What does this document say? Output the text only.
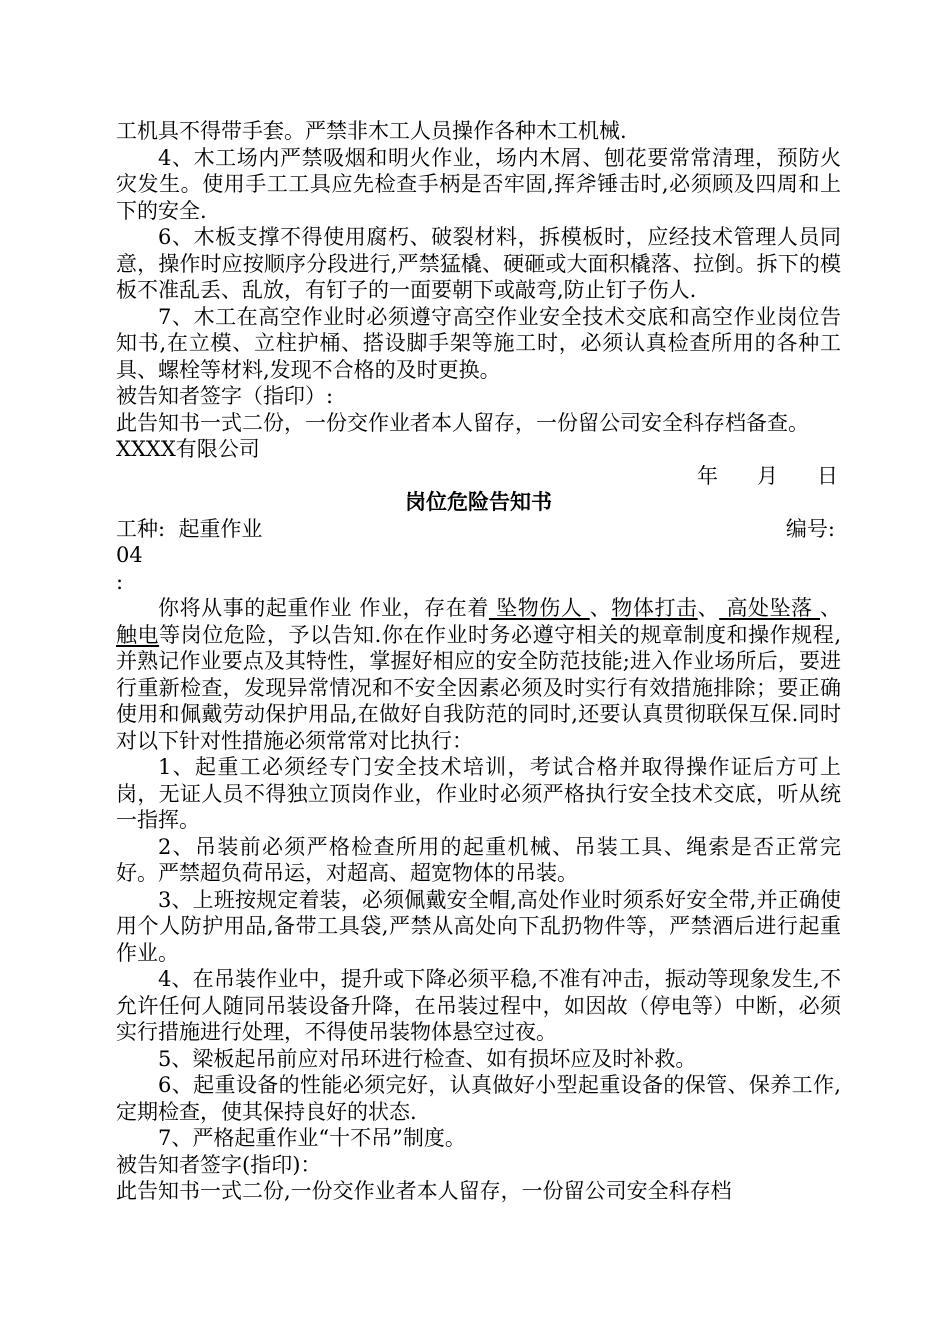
工机具不得带手套。严禁非木工人员操作各种木工机械.

4、木工场内严禁吸烟和明火作业，场内木屑、刨花要常常清理，预防火灾发生。使用手工工具应先检查手柄是否牢固,挥斧锤击时,必须顾及四周和上下的安全.

6、木板支撑不得使用腐朽、破裂材料，拆模板时，应经技术管理人员同意，操作时应按顺序分段进行,严禁猛橇、硬砸或大面积橇落、拉倒。拆下的模板不准乱丢、乱放，有钉子的一面要朝下或敲弯,防止钉子伤人.

7、木工在高空作业时必须遵守高空作业安全技术交底和高空作业岗位告知书,在立模、立柱护桶、搭设脚手架等施工时，必须认真检查所用的各种工具、螺栓等材料,发现不合格的及时更换。

被告知者签字（指印）:

此告知书一式二份，一份交作业者本人留存，一份留公司安全科存档备查。

XXXX有限公司

年	月	日

岗位危险告知书

工种: 起重作业	编号:

04

:

你将从事的起重作业 作业，存在着 坠物伤人 、物体打击、 高处坠落 、 触电等岗位危险，予以告知.你在作业时务必遵守相关的规章制度和操作规程,并熟记作业要点及其特性，掌握好相应的安全防范技能;进入作业场所后，要进行重新检查，发现异常情况和不安全因素必须及时实行有效措施排除；要正确使用和佩戴劳动保护用品,在做好自我防范的同时,还要认真贯彻联保互保.同时对以下针对性措施必须常常对比执行：

1、起重工必须经专门安全技术培训，考试合格并取得操作证后方可上岗，无证人员不得独立顶岗作业，作业时必须严格执行安全技术交底，听从统一指挥。

2、吊装前必须严格检查所用的起重机械、吊装工具、绳索是否正常完好。严禁超负荷吊运，对超高、超宽物体的吊装。

3、上班按规定着装，必须佩戴安全帽,高处作业时须系好安全带,并正确使用个人防护用品,备带工具袋,严禁从高处向下乱扔物件等，严禁酒后进行起重作业。

4、在吊装作业中，提升或下降必须平稳,不准有冲击，振动等现象发生,不允许任何人随同吊装设备升降，在吊装过程中，如因故（停电等）中断，必须实行措施进行处理，不得使吊装物体悬空过夜。

5、梁板起吊前应对吊环进行检查、如有损坏应及时补救。

6、起重设备的性能必须完好，认真做好小型起重设备的保管、保养工作,定期检查，使其保持良好的状态.

7、严格起重作业“十不吊”制度。

被告知者签字(指印)：

此告知书一式二份,一份交作业者本人留存，一份留公司安全科存档
